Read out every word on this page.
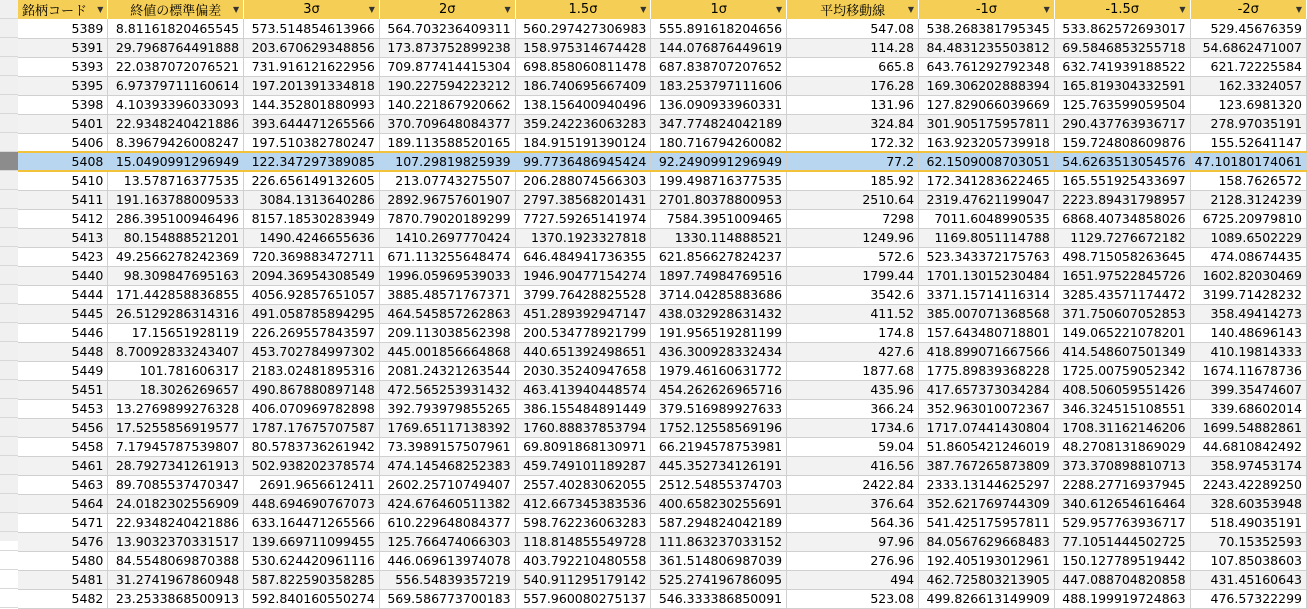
銘柄コード ▼	終値の標準偏差 ▼	3σ ▼	2σ ▼	1.5σ ▼	1σ ▼	平均移動線 ▼	-1σ ▼	-1.5σ ▼	-2σ ▼

5389	8.81161820465545	573.514854613966	564.703236409311	560.297427306983	555.891618204656	547.08	538.268381795345	533.862572693017	529.45676359
5391	29.7968764491888	203.670629348856	173.873752899238	158.975314674428	144.076876449619	114.28	84.4831235503812	69.5846853255718	54.6862471007
5393	22.0387072076521	731.916121622956	709.877414415304	698.858060811478	687.838707207652	665.8	643.761292792348	632.741939188522	621.72225584
5395	6.97379711160614	197.201391334818	190.227594223212	186.740695667409	183.253797111606	176.28	169.306202888394	165.819304332591	162.3324057
5398	4.10393396033093	144.352801880993	140.221867920662	138.156400940496	136.090933960331	131.96	127.829066039669	125.763599059504	123.6981320
5401	22.9348240421886	393.644471265566	370.709648084377	359.242236063283	347.774824042189	324.84	301.905175957811	290.437763936717	278.97035191
5406	8.39679426008247	197.510382780247	189.113588520165	184.915191390124	180.716794260082	172.32	163.923205739918	159.724808609876	155.52641147
5408	15.0490991296949	122.347297389085	107.29819825939	99.7736486945424	92.2490991296949	77.2	62.1509008703051	54.6263513054576	47.10180174061
5410	13.578716377535	226.656149132605	213.07743275507	206.288074566303	199.498716377535	185.92	172.341283622465	165.551925433697	158.7626572
5411	191.163788009533	3084.1313640286	2892.96757601907	2797.38568201431	2701.80378800953	2510.64	2319.47621199047	2223.89431798957	2128.3124239
5412	286.395100946496	8157.18530283949	7870.79020189299	7727.59265141974	7584.3951009465	7298	7011.6048990535	6868.40734858026	6725.20979810
5413	80.154888521201	1490.4246655636	1410.2697770424	1370.1923327818	1330.114888521	1249.96	1169.8051114788	1129.7276672182	1089.6502229
5423	49.2566278242369	720.369883472711	671.113255648474	646.484941736355	621.856627824237	572.6	523.343372175763	498.715058263645	474.08674435
5440	98.309847695163	2094.36954308549	1996.05969539033	1946.90477154274	1897.74984769516	1799.44	1701.13015230484	1651.97522845726	1602.82030469
5444	171.442858836855	4056.92857651057	3885.48571767371	3799.76428825528	3714.04285883686	3542.6	3371.15714116314	3285.43571174472	3199.71428232
5445	26.5129286314316	491.058785894295	464.545857262863	451.289392947147	438.032928631432	411.52	385.007071368568	371.750607052853	358.49414273
5446	17.15651928119	226.269557843597	209.113038562398	200.534778921799	191.956519281199	174.8	157.643480718801	149.065221078201	140.48696143
5448	8.70092833243407	453.702784997302	445.001856664868	440.651392498651	436.300928332434	427.6	418.899071667566	414.548607501349	410.19814333
5449	101.781606317	2183.02481895316	2081.24321263544	2030.35240947658	1979.46160631772	1877.68	1775.89839368228	1725.00759052342	1674.11678736
5451	18.3026269657	490.867880897148	472.565253931432	463.413940448574	454.262626965716	435.96	417.657373034284	408.506059551426	399.35474607
5453	13.2769899276328	406.070969782898	392.793979855265	386.155484891449	379.516989927633	366.24	352.963010072367	346.324515108551	339.68602014
5456	17.5255856919577	1787.17675707587	1769.65117138392	1760.88837853794	1752.12558569196	1734.6	1717.07441430804	1708.31162146206	1699.54882861
5458	7.17945787539807	80.5783736261942	73.3989157507961	69.8091868130971	66.2194578753981	59.04	51.8605421246019	48.2708131869029	44.6810842492
5461	28.7927341261913	502.938202378574	474.145468252383	459.749101189287	445.352734126191	416.56	387.767265873809	373.370898810713	358.97453174
5463	89.7085537470347	2691.9656612411	2602.25710749407	2557.40283062055	2512.54855374703	2422.84	2333.13144625297	2288.27716937945	2243.42289250
5464	24.0182302556909	448.694690767073	424.676460511382	412.667345383536	400.658230255691	376.64	352.621769744309	340.612654616464	328.60353948
5471	22.9348240421886	633.164471265566	610.229648084377	598.762236063283	587.294824042189	564.36	541.425175957811	529.957763936717	518.49035191
5476	13.9032370331517	139.669711099455	125.766474066303	118.814855549728	111.863237033152	97.96	84.0567629668483	77.1051444502725	70.15352593
5480	84.5548069870388	530.624420961116	446.069613974078	403.792210480558	361.514806987039	276.96	192.405193012961	150.127789519442	107.85038603
5481	31.2741967860948	587.822590358285	556.54839357219	540.911295179142	525.274196786095	494	462.725803213905	447.088704820858	431.45160643
5482	23.2533868500913	592.840160550274	569.586773700183	557.960080275137	546.333386850091	523.08	499.826613149909	488.199919724863	476.57322299
